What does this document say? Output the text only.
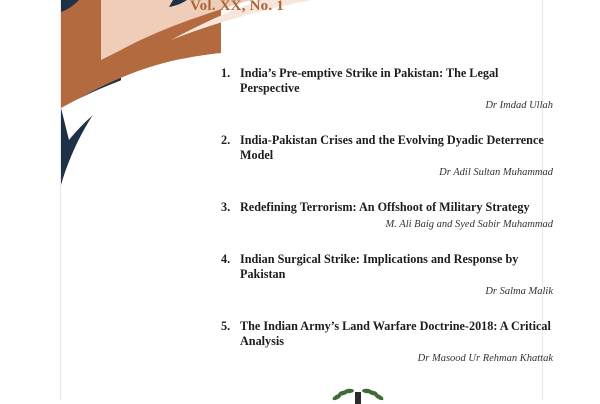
Vol. XX, No. 1
1. India’s Pre-emptive Strike in Pakistan: The Legal Perspective
Dr Imdad Ullah
2. India-Pakistan Crises and the Evolving Dyadic Deterrence Model
Dr Adil Sultan Muhammad
3. Redefining Terrorism: An Offshoot of Military Strategy
M. Ali Baig and Syed Sabir Muhammad
4. Indian Surgical Strike: Implications and Response by Pakistan
Dr Salma Malik
5. The Indian Army’s Land Warfare Doctrine-2018: A Critical Analysis
Dr Masood Ur Rehman Khattak
